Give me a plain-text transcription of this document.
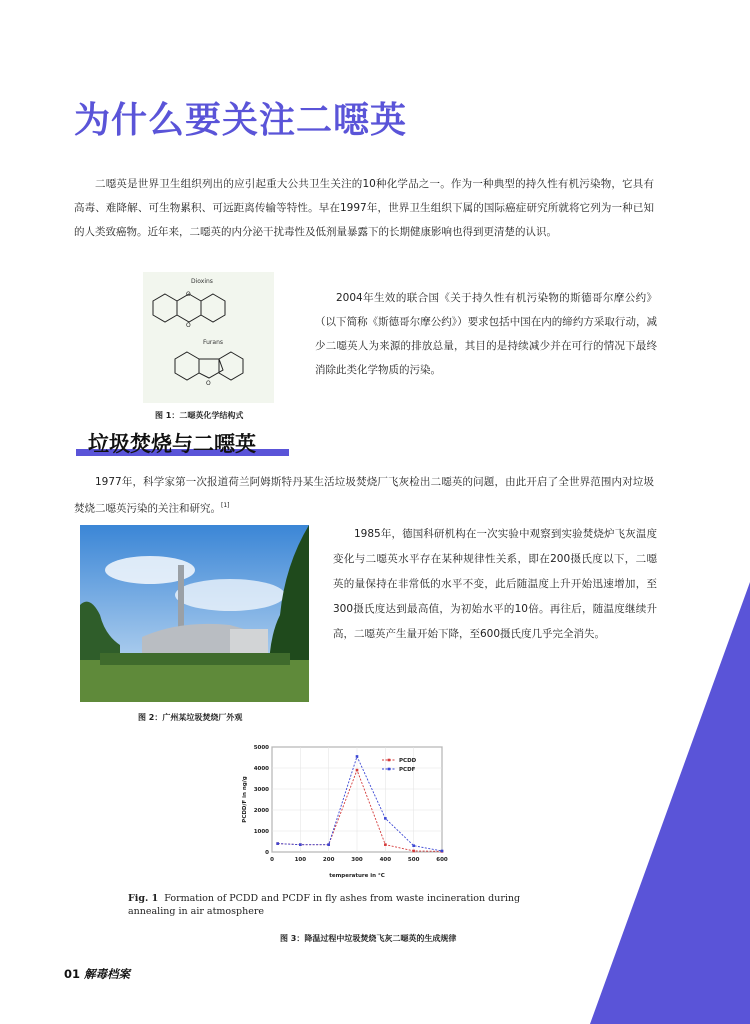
为什么要关注二噁英
二噁英是世界卫生组织列出的应引起重大公共卫生关注的10种化学品之一。作为一种典型的持久性有机污染物，它具有高毒、难降解、可生物累积、可远距离传输等特性。早在1997年，世界卫生组织下属的国际癌症研究所就将它列为一种已知的人类致癌物。近年来，二噁英的内分泌干扰毒性及低剂量暴露下的长期健康影响也得到更清楚的认识。
Dioxins
O
O
Furans
O
图 1：二噁英化学结构式
2004年生效的联合国《关于持久性有机污染物的斯德哥尔摩公约》（以下简称《斯德哥尔摩公约》）要求包括中国在内的缔约方采取行动，减少二噁英人为来源的排放总量，其目的是持续减少并在可行的情况下最终消除此类化学物质的污染。
垃圾焚烧与二噁英
1977年，科学家第一次报道荷兰阿姆斯特丹某生活垃圾焚烧厂飞灰检出二噁英的问题，由此开启了全世界范围内对垃圾焚烧二噁英污染的关注和研究。[1]
图 2：广州某垃圾焚烧厂外观
1985年，德国科研机构在一次实验中观察到实验焚烧炉飞灰温度变化与二噁英水平存在某种规律性关系，即在200摄氏度以下，二噁英的量保持在非常低的水平不变，此后随温度上升开始迅速增加，至300摄氏度达到最高值，为初始水平的10倍。再往后，随温度继续升高，二噁英产生量开始下降，至600摄氏度几乎完全消失。
0
1000
2000
3000
4000
5000
0	100	200	300	400	500	600
temperature in °C
PCDD/F in ng/g
PCDD
PCDF
Fig. 1 Formation of PCDD and PCDF in fly ashes from waste incineration during annealing in air atmosphere
图 3：降温过程中垃圾焚烧飞灰二噁英的生成规律
01 解毒档案
